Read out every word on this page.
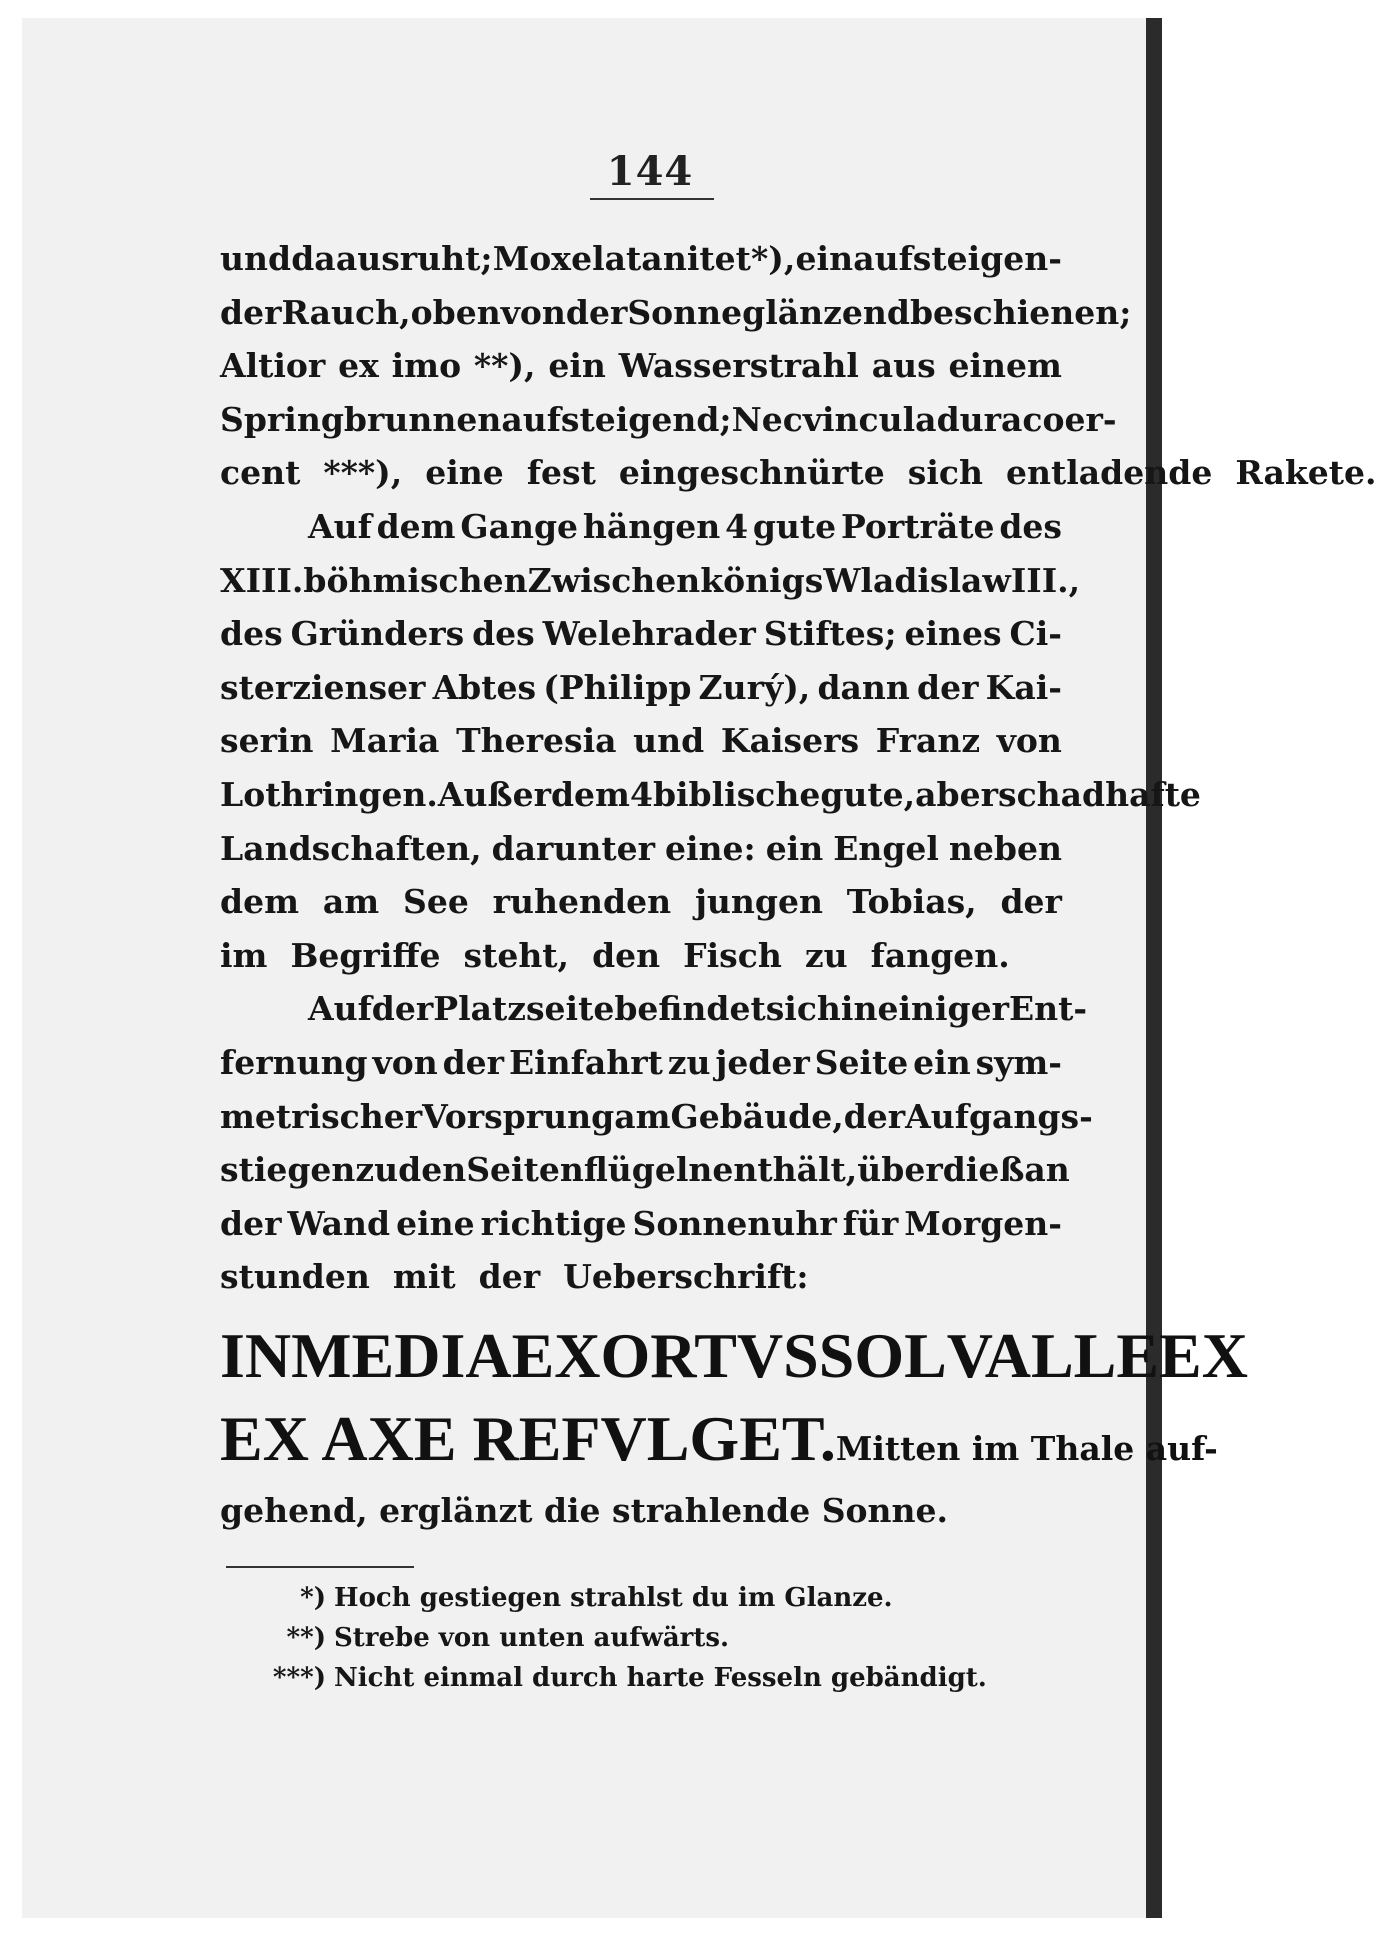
144
und da ausruht; Mox elata nitet *), ein aufsteigen-
der Rauch, oben von der Sonne glänzend beschienen;
Altior ex imo **), ein Wasserstrahl aus einem
Springbrunnen aufsteigend; Nec vincula dura coer-
cent ***), eine fest eingeschnürte sich entladende Rakete.
Auf dem Gange hängen 4 gute Porträte des
XIII. böhmischen Zwischenkönigs Wladislaw III.,
des Gründers des Welehrader Stiftes; eines Ci-
sterzienser Abtes (Philipp Zurý), dann der Kai-
serin Maria Theresia und Kaisers Franz von
Lothringen. Außerdem 4 biblische gute, aber schadhafte
Landschaften, darunter eine: ein Engel neben
dem am See ruhenden jungen Tobias, der
im Begriffe steht, den Fisch zu fangen.
Auf der Platzseite befindet sich in einiger Ent-
fernung von der Einfahrt zu jeder Seite ein sym-
metrischer Vorsprung am Gebäude, der Aufgangs-
stiegen zu den Seitenflügeln enthält, überdieß an
der Wand eine richtige Sonnenuhr für Morgen-
stunden mit der Ueberschrift:
IN MEDIA EXORTVS SOL VALLE EX
EX AXE REFVLGET. Mitten im Thale auf-
gehend, erglänzt die strahlende Sonne.
*) Hoch gestiegen strahlst du im Glanze.
**) Strebe von unten aufwärts.
***) Nicht einmal durch harte Fesseln gebändigt.
